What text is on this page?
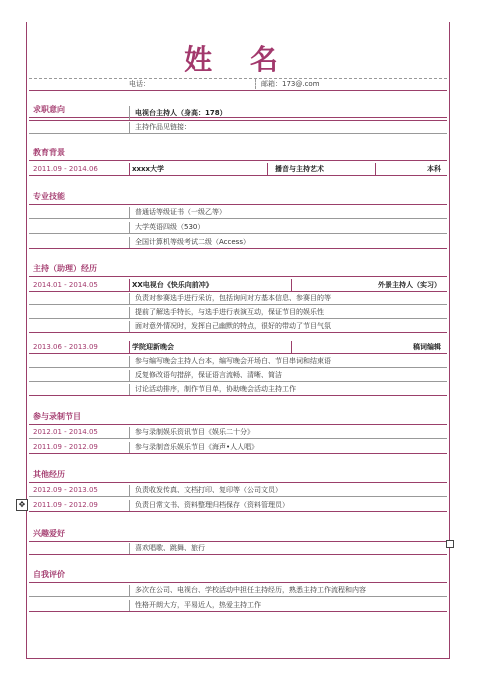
姓 名
电话：	邮箱：173@.com
求职意向	电视台主持人（身高：178）
主持作品见链接：
教育背景
2011.09 - 2014.06	xxxx大学	播音与主持艺术	本科
专业技能
普通话等级证书（一级乙等）
大学英语四级（530）
全国计算机等级考试二级（Access）
主持（助理）经历
2014.01 - 2014.05	XX电视台《快乐向前冲》	外景主持人（实习）
负责对参赛选手进行采访，包括询问对方基本信息、参赛目的等
提前了解选手特长，与选手进行表演互动，保证节目的娱乐性
面对意外情况时，发挥自己幽默的特点，很好的带动了节目气氛
2013.06 - 2013.09	学院迎新晚会	稿词编辑
参与编写晚会主持人台本，编写晚会开场白、节目串词和结束语
反复修改语句措辞，保证语言流畅、清晰、简洁
讨论活动排序，制作节目单，协助晚会活动主持工作
参与录制节目
2012.01 - 2014.05	参与录制娱乐资讯节目《娱乐二十分》
2011.09 - 2012.09	参与录制音乐娱乐节目《海声•人人唱》
其他经历
2012.09 - 2013.05	负责收发传真、文档打印、复印等（公司文员）
2011.09 - 2012.09	负责日常文书、资料整理归档保存（资料管理员）
兴趣爱好
喜欢唱歌、跳舞、旅行
自我评价
多次在公司、电视台、学校活动中担任主持经历，熟悉主持工作流程和内容
性格开朗大方，平易近人，热爱主持工作
✥
